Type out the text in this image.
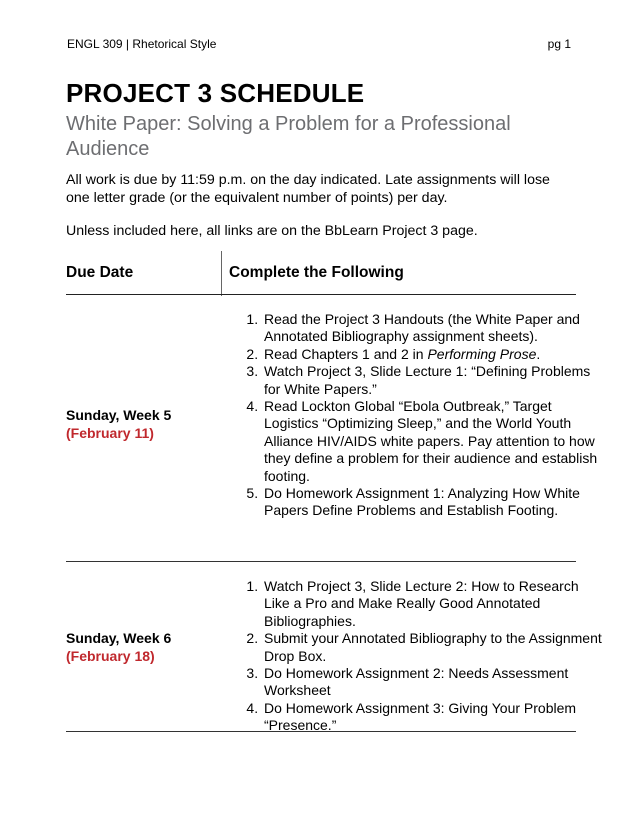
ENGL 309 | Rhetorical Style	pg 1
PROJECT 3 SCHEDULE

White Paper: Solving a Problem for a Professional Audience

All work is due by 11:59 p.m. on the day indicated. Late assignments will lose one letter grade (or the equivalent number of points) per day.

Unless included here, all links are on the BbLearn Project 3 page.

Due Date	Complete the Following
Sunday, Week 5
(February 11)
1. Read the Project 3 Handouts (the White Paper and Annotated Bibliography assignment sheets).
2. Read Chapters 1 and 2 in Performing Prose.
3. Watch Project 3, Slide Lecture 1: “Defining Problems for White Papers.”
4. Read Lockton Global “Ebola Outbreak,” Target Logistics “Optimizing Sleep,” and the World Youth Alliance HIV/AIDS white papers. Pay attention to how they define a problem for their audience and establish footing.
5. Do Homework Assignment 1: Analyzing How White Papers Define Problems and Establish Footing.
Sunday, Week 6
(February 18)
1. Watch Project 3, Slide Lecture 2: How to Research Like a Pro and Make Really Good Annotated Bibliographies.
2. Submit your Annotated Bibliography to the Assignment Drop Box.
3. Do Homework Assignment 2: Needs Assessment Worksheet
4. Do Homework Assignment 3: Giving Your Problem “Presence.”
